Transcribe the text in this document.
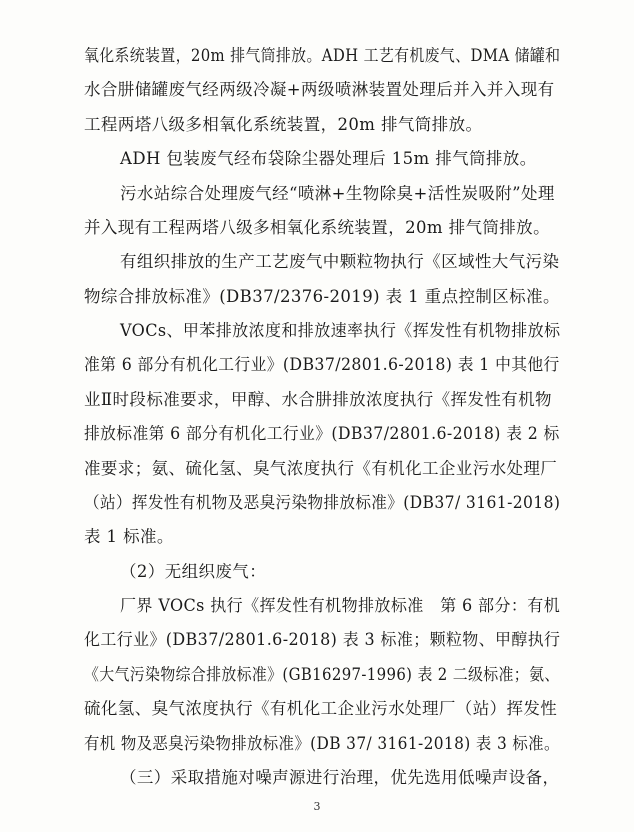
氧化系统装置，20m 排气筒排放。ADH 工艺有机废气、DMA 储罐和
水合肼储罐废气经两级冷凝+两级喷淋装置处理后并入并入现有
工程两塔八级多相氧化系统装置，20m 排气筒排放。
ADH 包装废气经布袋除尘器处理后 15m 排气筒排放。
污水站综合处理废气经“喷淋+生物除臭+活性炭吸附”处理
并入现有工程两塔八级多相氧化系统装置，20m 排气筒排放。
有组织排放的生产工艺废气中颗粒物执行《区域性大气污染
物综合排放标准》(DB37/2376-2019) 表 1 重点控制区标准。
VOCs、甲苯排放浓度和排放速率执行《挥发性有机物排放标
准第 6 部分有机化工行业》(DB37/2801.6-2018) 表 1 中其他行
业Ⅱ时段标准要求，甲醇、水合肼排放浓度执行《挥发性有机物
排放标准第 6 部分有机化工行业》(DB37/2801.6-2018) 表 2 标
准要求；氨、硫化氢、臭气浓度执行《有机化工企业污水处理厂
（站）挥发性有机物及恶臭污染物排放标准》(DB37/ 3161-2018)
表 1 标准。
（2）无组织废气：
厂界 VOCs 执行《挥发性有机物排放标准　第 6 部分：有机
化工行业》(DB37/2801.6-2018) 表 3 标准；颗粒物、甲醇执行
《大气污染物综合排放标准》(GB16297-1996) 表 2 二级标准；氨、
硫化氢、臭气浓度执行《有机化工企业污水处理厂（站）挥发性
有机 物及恶臭污染物排放标准》(DB 37/ 3161-2018) 表 3 标准。
（三）采取措施对噪声源进行治理，优先选用低噪声设备，
3
